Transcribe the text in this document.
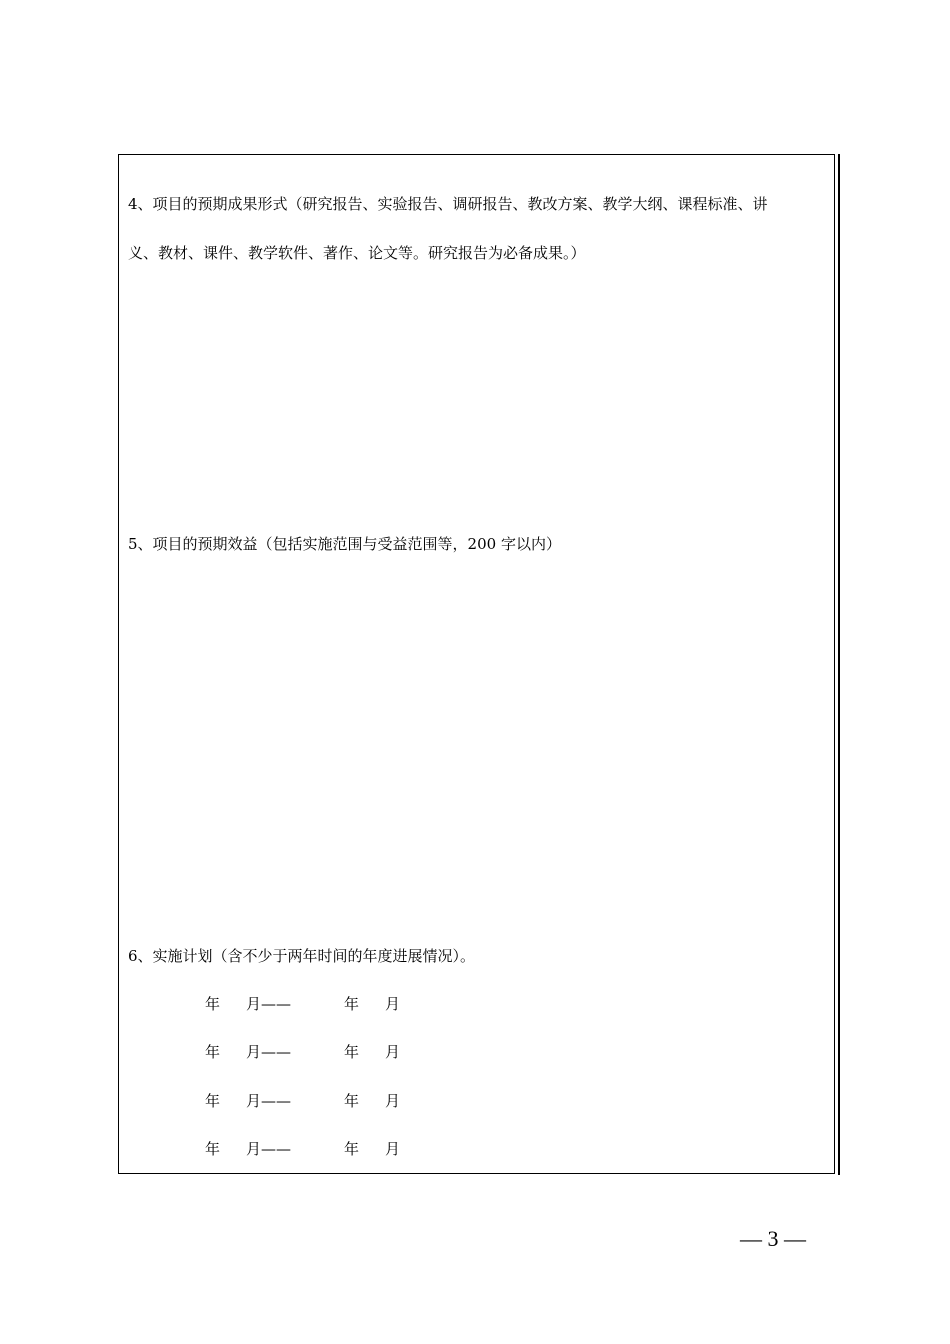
4、项目的预期成果形式（研究报告、实验报告、调研报告、教改方案、教学大纲、课程标准、讲
义、教材、课件、教学软件、著作、论文等。研究报告为必备成果。）
5、项目的预期效益（包括实施范围与受益范围等，200 字以内）
6、实施计划（含不少于两年时间的年度进展情况）。
年 月——	年 月
年 月——	年 月
年 月——	年 月
年 月——	年 月
— 3 —
